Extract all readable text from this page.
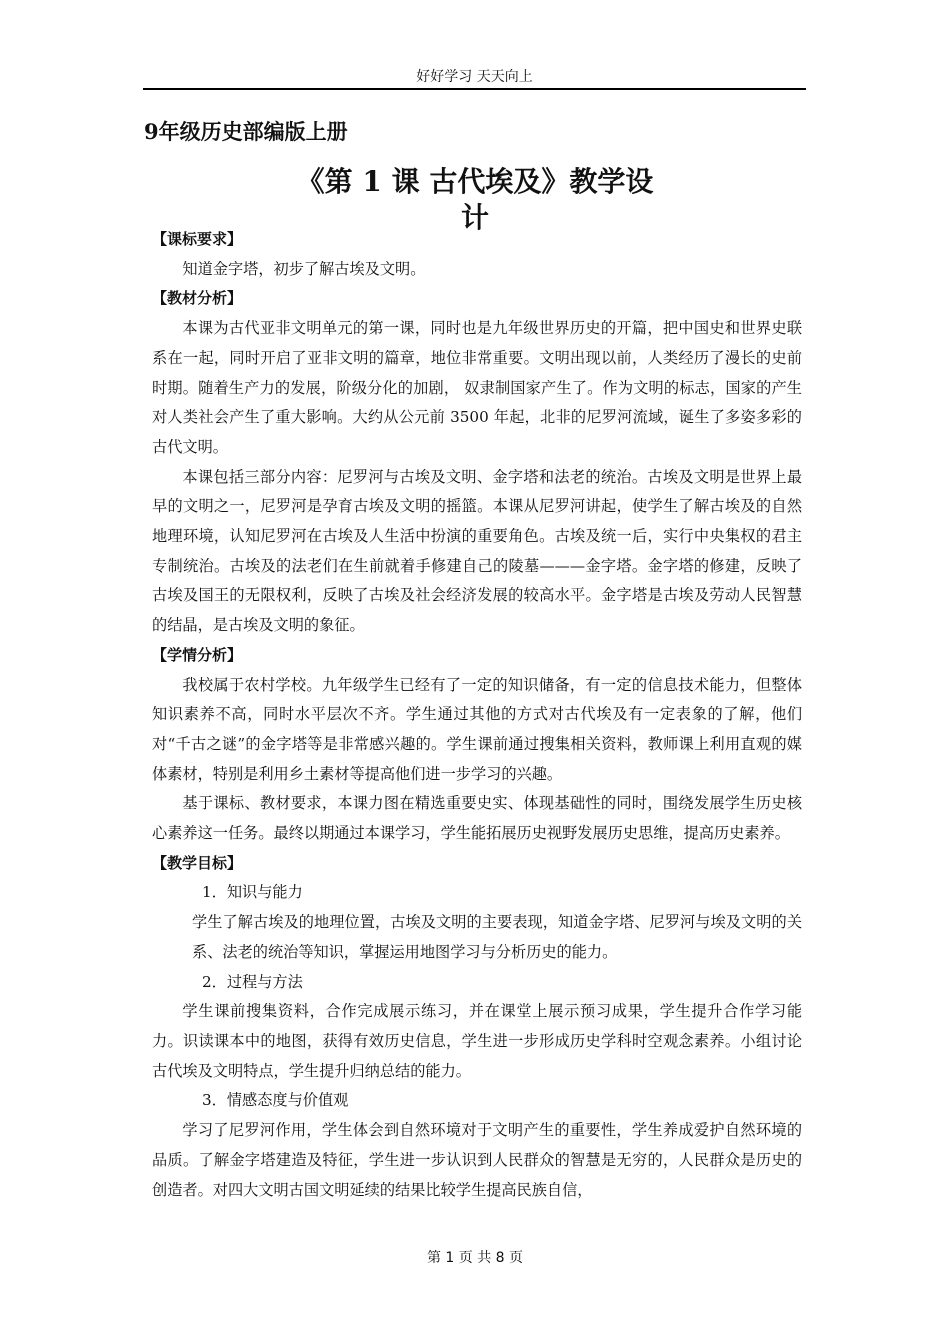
好好学习 天天向上
9年级历史部编版上册
《第 1 课 古代埃及》教学设
计
【课标要求】
知道金字塔，初步了解古埃及文明。
【教材分析】
本课为古代亚非文明单元的第一课，同时也是九年级世界历史的开篇，把中国史和世界史联系在一起，同时开启了亚非文明的篇章，地位非常重要。文明出现以前，人类经历了漫长的史前时期。随着生产力的发展，阶级分化的加剧， 奴隶制国家产生了。作为文明的标志，国家的产生对人类社会产生了重大影响。大约从公元前 3500 年起，北非的尼罗河流域，诞生了多姿多彩的古代文明。
本课包括三部分内容：尼罗河与古埃及文明、金字塔和法老的统治。古埃及文明是世界上最早的文明之一，尼罗河是孕育古埃及文明的摇篮。本课从尼罗河讲起，使学生了解古埃及的自然地理环境，认知尼罗河在古埃及人生活中扮演的重要角色。古埃及统一后，实行中央集权的君主专制统治。古埃及的法老们在生前就着手修建自己的陵墓———金字塔。金字塔的修建，反映了古埃及国王的无限权利，反映了古埃及社会经济发展的较高水平。金字塔是古埃及劳动人民智慧的结晶，是古埃及文明的象征。
【学情分析】
我校属于农村学校。九年级学生已经有了一定的知识储备，有一定的信息技术能力，但整体知识素养不高，同时水平层次不齐。学生通过其他的方式对古代埃及有一定表象的了解，他们对“千古之谜”的金字塔等是非常感兴趣的。学生课前通过搜集相关资料，教师课上利用直观的媒体素材，特别是利用乡土素材等提高他们进一步学习的兴趣。
基于课标、教材要求，本课力图在精选重要史实、体现基础性的同时，围绕发展学生历史核心素养这一任务。最终以期通过本课学习，学生能拓展历史视野发展历史思维，提高历史素养。
【教学目标】
1．知识与能力
学生了解古埃及的地理位置，古埃及文明的主要表现，知道金字塔、尼罗河与埃及文明的关系、法老的统治等知识，掌握运用地图学习与分析历史的能力。
2．过程与方法
学生课前搜集资料，合作完成展示练习，并在课堂上展示预习成果，学生提升合作学习能力。识读课本中的地图，获得有效历史信息，学生进一步形成历史学科时空观念素养。小组讨论古代埃及文明特点，学生提升归纳总结的能力。
3．情感态度与价值观
学习了尼罗河作用，学生体会到自然环境对于文明产生的重要性，学生养成爱护自然环境的品质。了解金字塔建造及特征，学生进一步认识到人民群众的智慧是无穷的，人民群众是历史的创造者。对四大文明古国文明延续的结果比较学生提高民族自信，
第 1 页 共 8 页
